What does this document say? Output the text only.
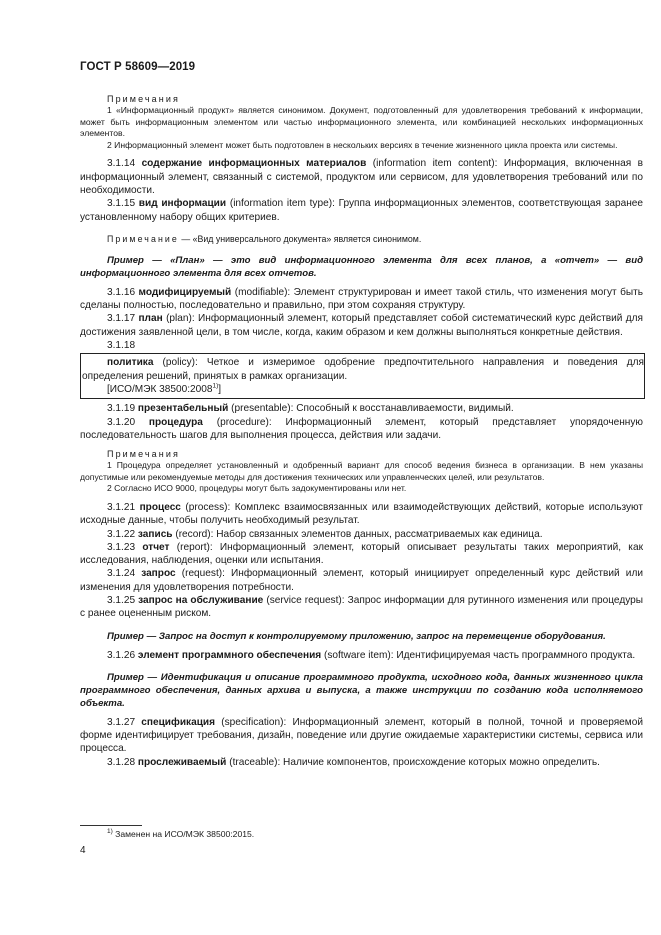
ГОСТ Р 58609—2019

Примечания

1 «Информационный продукт» является синонимом. Документ, подготовленный для удовлетворения требований к информации, может быть информационным элементом или частью информационного элемента, или комбинацией нескольких информационных элементов.

2 Информационный элемент может быть подготовлен в нескольких версиях в течение жизненного цикла проекта или системы.

3.1.14 содержание информационных материалов (information item content): Информация, включенная в информационный элемент, связанный с системой, продуктом или сервисом, для удовлетворения требований или по необходимости.

3.1.15 вид информации (information item type): Группа информационных элементов, соответствующая заранее установленному набору общих критериев.

Примечание — «Вид универсального документа» является синонимом.

Пример — «План» — это вид информационного элемента для всех планов, а «отчет» — вид информационного элемента для всех отчетов.

3.1.16 модифицируемый (modifiable): Элемент структурирован и имеет такой стиль, что изменения могут быть сделаны полностью, последовательно и правильно, при этом сохраняя структуру.

3.1.17 план (plan): Информационный элемент, который представляет собой систематический курс действий для достижения заявленной цели, в том числе, когда, каким образом и кем должны выполняться конкретные действия.

3.1.18

политика (policy): Четкое и измеримое одобрение предпочтительного направления и поведения для определения решений, принятых в рамках организации.

[ИСО/МЭК 38500:2008$^{1)}$]

3.1.19 презентабельный (presentable): Способный к восстанавливаемости, видимый.

3.1.20 процедура (procedure): Информационный элемент, который представляет упорядоченную последовательность шагов для выполнения процесса, действия или задачи.

Примечания

1 Процедура определяет установленный и одобренный вариант для способ ведения бизнеса в организации. В нем указаны допустимые или рекомендуемые методы для достижения технических или управленческих целей, или результатов.

2 Согласно ИСО 9000, процедуры могут быть задокументированы или нет.

3.1.21 процесс (process): Комплекс взаимосвязанных или взаимодействующих действий, которые используют исходные данные, чтобы получить необходимый результат.

3.1.22 запись (record): Набор связанных элементов данных, рассматриваемых как единица.

3.1.23 отчет (report): Информационный элемент, который описывает результаты таких мероприятий, как исследования, наблюдения, оценки или испытания.

3.1.24 запрос (request): Информационный элемент, который инициирует определенный курс действий или изменения для удовлетворения потребности.

3.1.25 запрос на обслуживание (service request): Запрос информации для рутинного изменения или процедуры с ранее оцененным риском.

Пример — Запрос на доступ к контролируемому приложению, запрос на перемещение оборудования.

3.1.26 элемент программного обеспечения (software item): Идентифицируемая часть программного продукта.

Пример — Идентификация и описание программного продукта, исходного кода, данных жизненного цикла программного обеспечения, данных архива и выпуска, а также инструкции по созданию кода исполняемого объекта.

3.1.27 спецификация (specification): Информационный элемент, который в полной, точной и проверяемой форме идентифицирует требования, дизайн, поведение или другие ожидаемые характеристики системы, сервиса или процесса.

3.1.28 прослеживаемый (traceable): Наличие компонентов, происхождение которых можно определить.

$^{1)}$ Заменен на ИСО/МЭК 38500:2015.
4
